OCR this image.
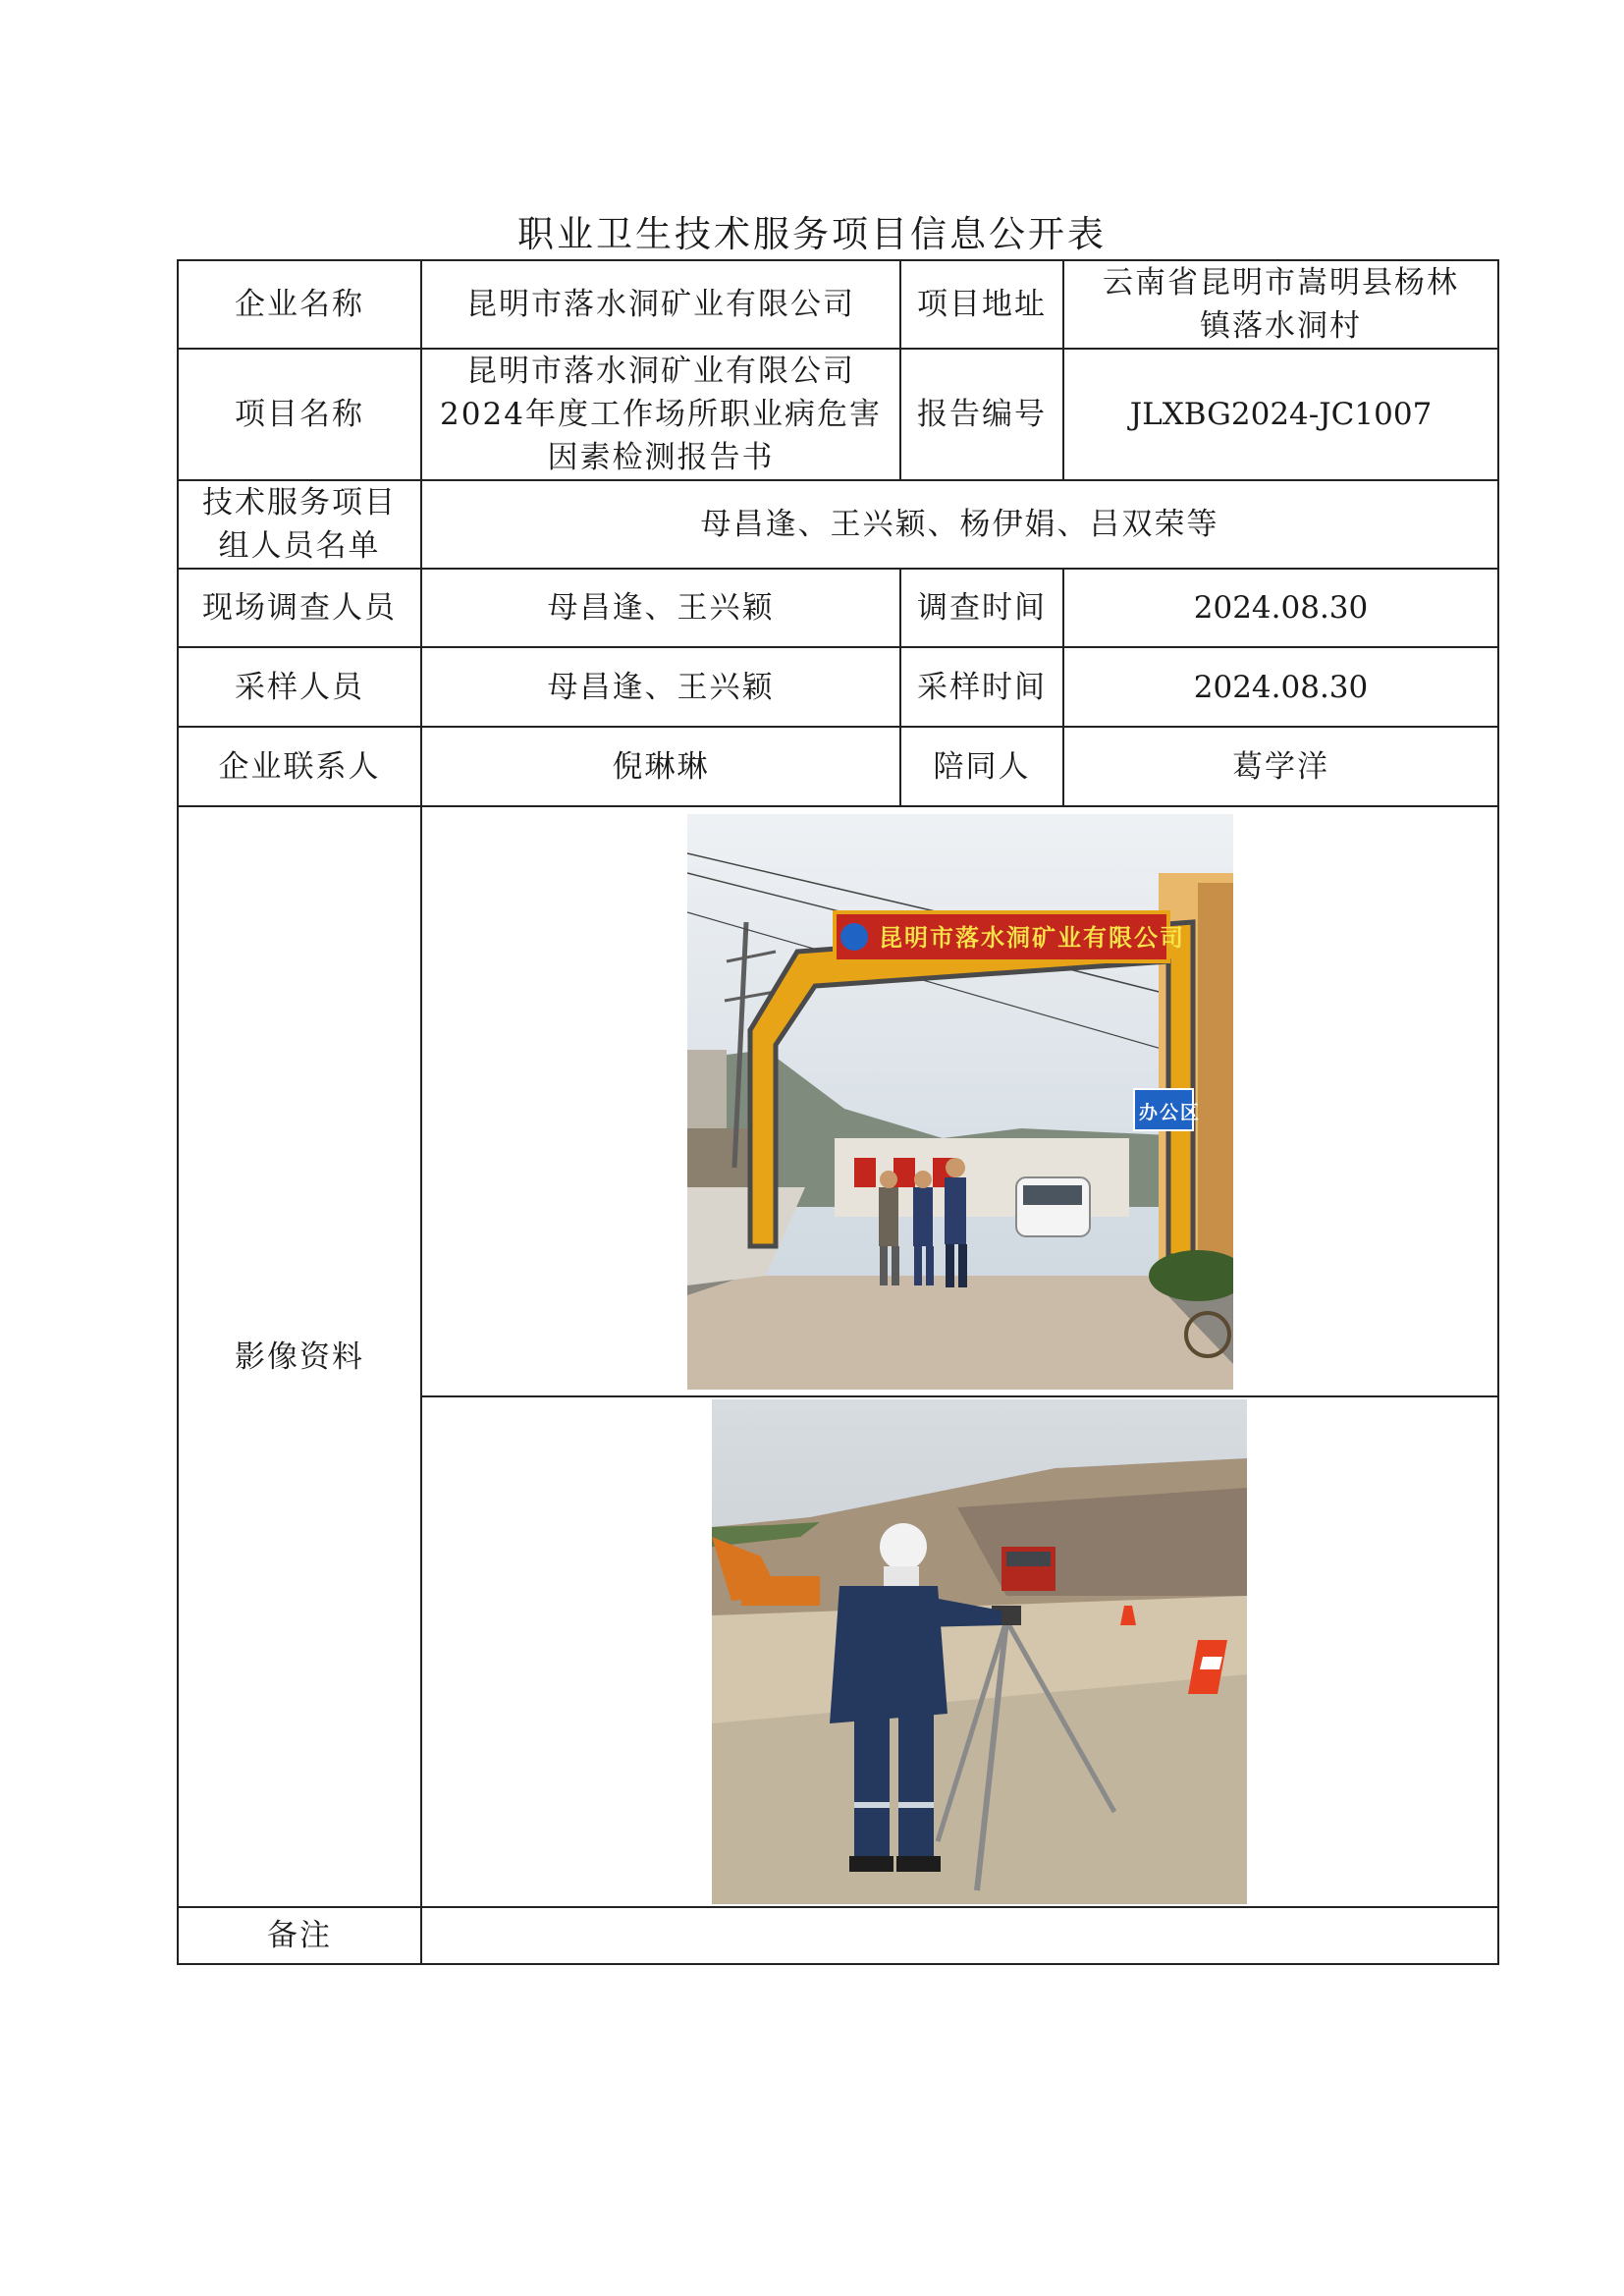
职业卫生技术服务项目信息公开表
企业名称	昆明市落水洞矿业有限公司	项目地址	云南省昆明市嵩明县杨林镇落水洞村
项目名称	昆明市落水洞矿业有限公司2024年度工作场所职业病危害因素检测报告书	报告编号	JLXBG2024-JC1007
技术服务项目组人员名单	母昌逢、王兴颖、杨伊娟、吕双荣等		
现场调查人员	母昌逢、王兴颖	调查时间	2024.08.30
采样人员	母昌逢、王兴颖	采样时间	2024.08.30
企业联系人	倪琳琳	陪同人	葛学洋
影像资料	昆明市落水洞矿业有限公司
办公区		

备注			
